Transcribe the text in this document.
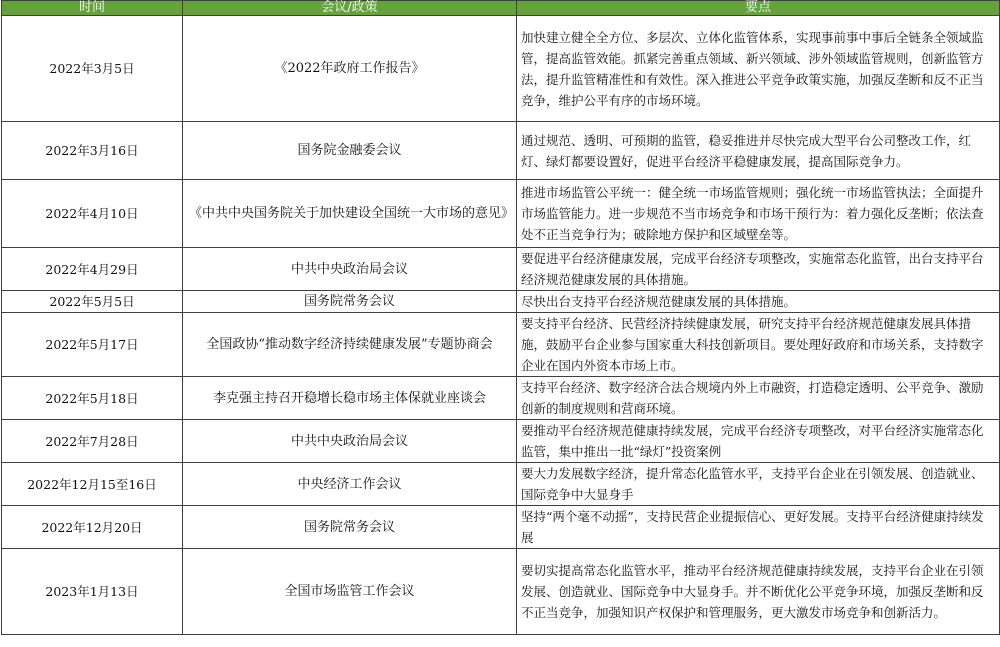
时间	会议/政策	要点
2022年3月5日	《2022年政府工作报告》	加快建立健全全方位、多层次、立体化监管体系，实现事前事中事后全链条全领域监管，提高监管效能。抓紧完善重点领域、新兴领域、涉外领域监管规则，创新监管方法，提升监管精准性和有效性。深入推进公平竞争政策实施，加强反垄断和反不正当竞争，维护公平有序的市场环境。
2022年3月16日	国务院金融委会议	通过规范、透明、可预期的监管，稳妥推进并尽快完成大型平台公司整改工作，红灯、绿灯都要设置好，促进平台经济平稳健康发展，提高国际竞争力。
2022年4月10日	《中共中央国务院关于加快建设全国统一大市场的意见》	推进市场监管公平统一：健全统一市场监管规则；强化统一市场监管执法；全面提升市场监管能力。进一步规范不当市场竞争和市场干预行为：着力强化反垄断；依法查处不正当竞争行为；破除地方保护和区域壁垒等。
2022年4月29日	中共中央政治局会议	要促进平台经济健康发展，完成平台经济专项整改，实施常态化监管，出台支持平台经济规范健康发展的具体措施。
2022年5月5日	国务院常务会议	尽快出台支持平台经济规范健康发展的具体措施。
2022年5月17日	全国政协“推动数字经济持续健康发展”专题协商会	要支持平台经济、民营经济持续健康发展，研究支持平台经济规范健康发展具体措施，鼓励平台企业参与国家重大科技创新项目。要处理好政府和市场关系，支持数字企业在国内外资本市场上市。
2022年5月18日	李克强主持召开稳增长稳市场主体保就业座谈会	支持平台经济、数字经济合法合规境内外上市融资，打造稳定透明、公平竞争、激励创新的制度规则和营商环境。
2022年7月28日	中共中央政治局会议	要推动平台经济规范健康持续发展，完成平台经济专项整改，对平台经济实施常态化监管，集中推出一批“绿灯”投资案例
2022年12月15至16日	中央经济工作会议	要大力发展数字经济，提升常态化监管水平，支持平台企业在引领发展、创造就业、国际竞争中大显身手
2022年12月20日	国务院常务会议	坚持“两个毫不动摇”，支持民营企业提振信心、更好发展。支持平台经济健康持续发展
2023年1月13日	全国市场监管工作会议	要切实提高常态化监管水平，推动平台经济规范健康持续发展，支持平台企业在引领发展、创造就业、国际竞争中大显身手。并不断优化公平竞争环境，加强反垄断和反不正当竞争，加强知识产权保护和管理服务，更大激发市场竞争和创新活力。
